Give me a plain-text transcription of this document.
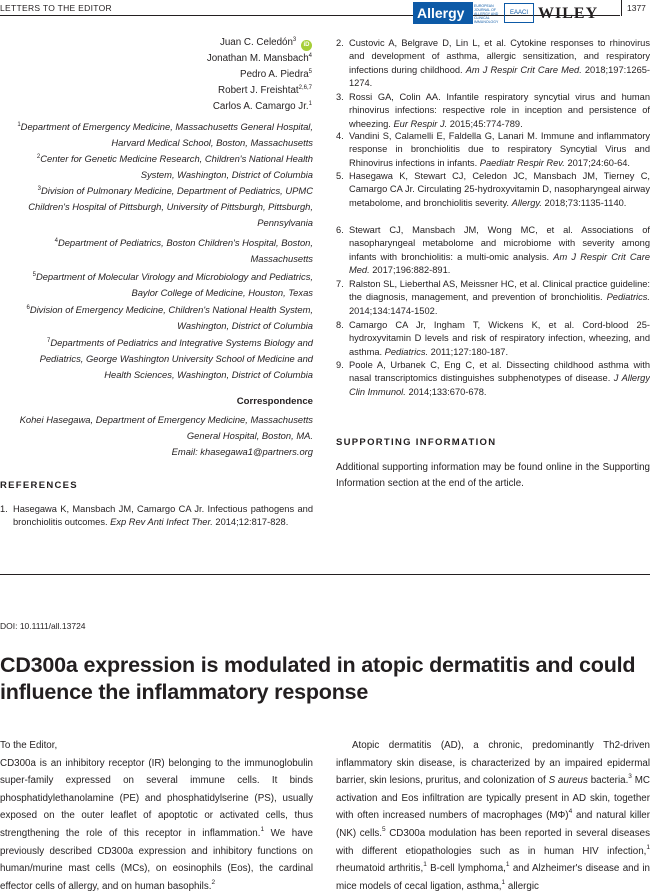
LETTERS TO THE EDITOR	Allergy	EUROPEAN JOURNAL OF ALLERGY AND CLINICAL IMMUNOLOGY
EAACI WILEY	1377
Juan C. Celedón$^3$ iD
Jonathan M. Mansbach$^4$
Pedro A. Piedra$^5$
Robert J. Freishtat$^{2,6,7}$
Carlos A. Camargo Jr.$^1$
$^1$Department of Emergency Medicine, Massachusetts General Hospital,
Harvard Medical School, Boston, Massachusetts
$^2$Center for Genetic Medicine Research, Children's National Health
System, Washington, District of Columbia
$^3$Division of Pulmonary Medicine, Department of Pediatrics, UPMC
Children's Hospital of Pittsburgh, University of Pittsburgh, Pittsburgh,
Pennsylvania
$^4$Department of Pediatrics, Boston Children's Hospital, Boston,
Massachusetts
$^5$Department of Molecular Virology and Microbiology and Pediatrics,
Baylor College of Medicine, Houston, Texas
$^6$Division of Emergency Medicine, Children's National Health System,
Washington, District of Columbia
$^7$Departments of Pediatrics and Integrative Systems Biology and
Pediatrics, George Washington University School of Medicine and
Health Sciences, Washington, District of Columbia
Correspondence
Kohei Hasegawa, Department of Emergency Medicine, Massachusetts
General Hospital, Boston, MA.
Email: khasegawa1@partners.org
REFERENCES
1. Hasegawa K, Mansbach JM, Camargo CA Jr. Infectious pathogens and bronchiolitis outcomes. Exp Rev Anti Infect Ther. 2014;12:817-828.
2. Custovic A, Belgrave D, Lin L, et al. Cytokine responses to rhinovirus and development of asthma, allergic sensitization, and respiratory infections during childhood. Am J Respir Crit Care Med. 2018;197:1265-1274.
3. Rossi GA, Colin AA. Infantile respiratory syncytial virus and human rhinovirus infections: respective role in inception and persistence of wheezing. Eur Respir J. 2015;45:774-789.
4. Vandini S, Calamelli E, Faldella G, Lanari M. Immune and inflammatory response in bronchiolitis due to respiratory Syncytial Virus and Rhinovirus infections in infants. Paediatr Respir Rev. 2017;24:60-64.
5. Hasegawa K, Stewart CJ, Celedon JC, Mansbach JM, Tierney C, Camargo CA Jr. Circulating 25-hydroxyvitamin D, nasopharyngeal airway metabolome, and bronchiolitis severity. Allergy. 2018;73:1135-1140.
6. Stewart CJ, Mansbach JM, Wong MC, et al. Associations of nasopharyngeal metabolome and microbiome with severity among infants with bronchiolitis: a multi-omic analysis. Am J Respir Crit Care Med. 2017;196:882-891.
7. Ralston SL, Lieberthal AS, Meissner HC, et al. Clinical practice guideline: the diagnosis, management, and prevention of bronchiolitis. Pediatrics. 2014;134:1474-1502.
8. Camargo CA Jr, Ingham T, Wickens K, et al. Cord-blood 25-hydroxyvitamin D levels and risk of respiratory infection, wheezing, and asthma. Pediatrics. 2011;127:180-187.
9. Poole A, Urbanek C, Eng C, et al. Dissecting childhood asthma with nasal transcriptomics distinguishes subphenotypes of disease. J Allergy Clin Immunol. 2014;133:670-678.
SUPPORTING INFORMATION
Additional supporting information may be found online in the Supporting Information section at the end of the article.
DOI: 10.1111/all.13724
CD300a expression is modulated in atopic dermatitis and could influence the inflammatory response
To the Editor,
CD300a is an inhibitory receptor (IR) belonging to the immunoglobulin super-family expressed on several immune cells. It binds phosphatidylethanolamine (PE) and phosphatidylserine (PS), usually exposed on the outer leaflet of apoptotic or activated cells, thus strengthening the role of this receptor in inflammation.$^1$ We have previously described CD300a expression and inhibitory functions on human/murine mast cells (MCs), on eosinophils (Eos), the cardinal effector cells of allergy, and on human basophils.$^2$
Atopic dermatitis (AD), a chronic, predominantly Th2-driven inflammatory skin disease, is characterized by an impaired epidermal barrier, skin lesions, pruritus, and colonization of S aureus bacteria.$^3$ MC activation and Eos infiltration are typically present in AD skin, together with often increased numbers of macrophages $(M\Phi)^4$ and natural killer (NK) cells.$^5$ CD300a modulation has been reported in several diseases with different etiopathologies such as in human HIV infection,$^1$ rheumatoid arthritis,$^1$ B-cell lymphoma,$^1$ and Alzheimer's disease and in mice models of cecal ligation, asthma,$^1$ allergic
